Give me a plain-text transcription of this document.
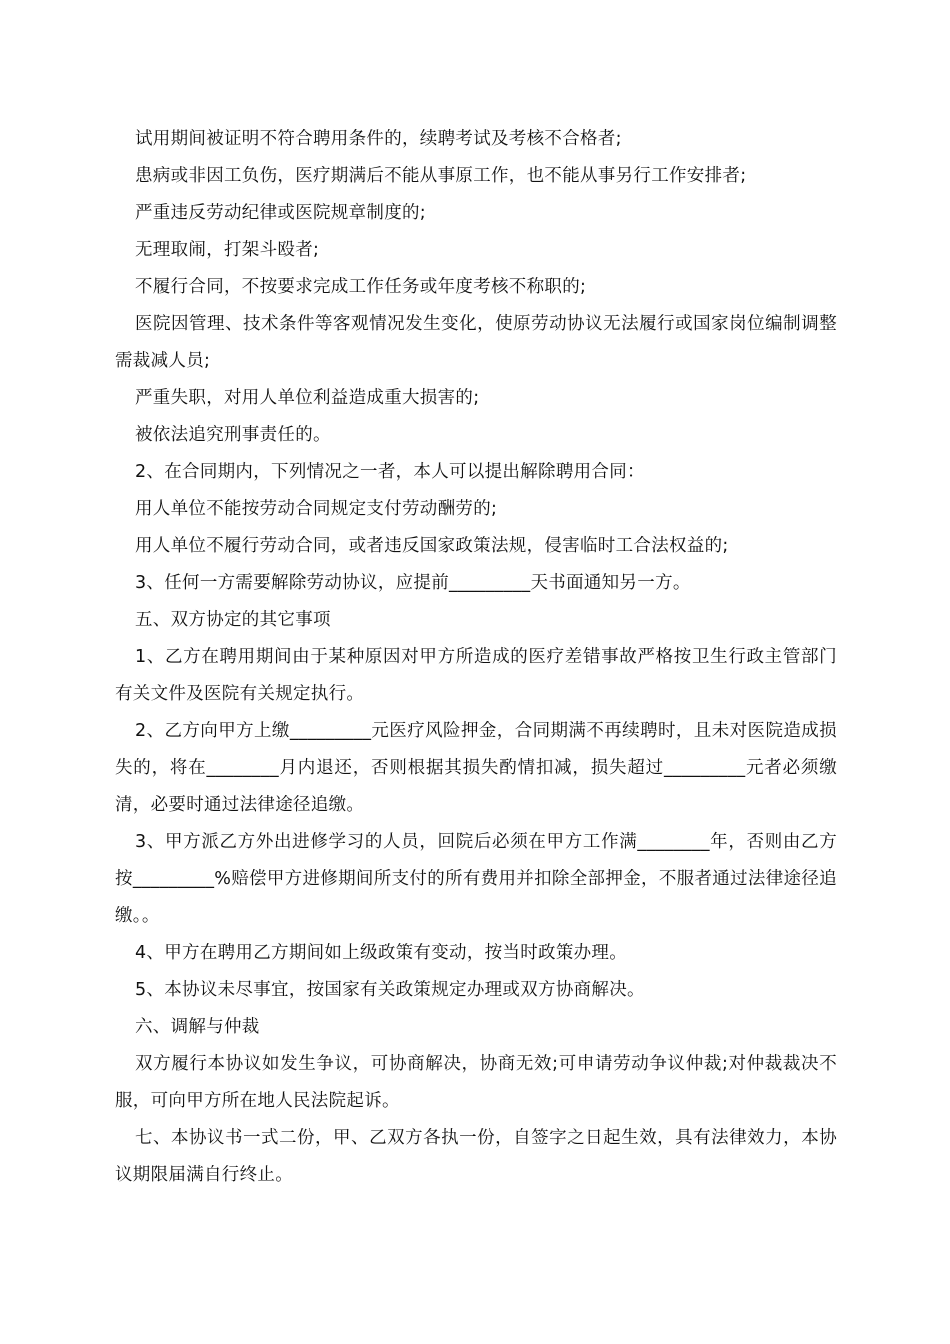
试用期间被证明不符合聘用条件的，续聘考试及考核不合格者;

患病或非因工负伤，医疗期满后不能从事原工作，也不能从事另行工作安排者;

严重违反劳动纪律或医院规章制度的;

无理取闹，打架斗殴者;

不履行合同，不按要求完成工作任务或年度考核不称职的;

医院因管理、技术条件等客观情况发生变化，使原劳动协议无法履行或国家岗位编制调整需裁减人员;

严重失职，对用人单位利益造成重大损害的;

被依法追究刑事责任的。

2、在合同期内，下列情况之一者，本人可以提出解除聘用合同：

用人单位不能按劳动合同规定支付劳动酬劳的;

用人单位不履行劳动合同，或者违反国家政策法规，侵害临时工合法权益的;

3、任何一方需要解除劳动协议，应提前_________天书面通知另一方。

五、双方协定的其它事项

1、乙方在聘用期间由于某种原因对甲方所造成的医疗差错事故严格按卫生行政主管部门有关文件及医院有关规定执行。

2、乙方向甲方上缴_________元医疗风险押金，合同期满不再续聘时，且未对医院造成损失的，将在________月内退还，否则根据其损失酌情扣减，损失超过_________元者必须缴清，必要时通过法律途径追缴。

3、甲方派乙方外出进修学习的人员，回院后必须在甲方工作满________年，否则由乙方按_________%赔偿甲方进修期间所支付的所有费用并扣除全部押金，不服者通过法律途径追缴。。

4、甲方在聘用乙方期间如上级政策有变动，按当时政策办理。

5、本协议未尽事宜，按国家有关政策规定办理或双方协商解决。

六、调解与仲裁

双方履行本协议如发生争议，可协商解决，协商无效;可申请劳动争议仲裁;对仲裁裁决不服，可向甲方所在地人民法院起诉。

七、本协议书一式二份，甲、乙双方各执一份，自签字之日起生效，具有法律效力，本协议期限届满自行终止。
